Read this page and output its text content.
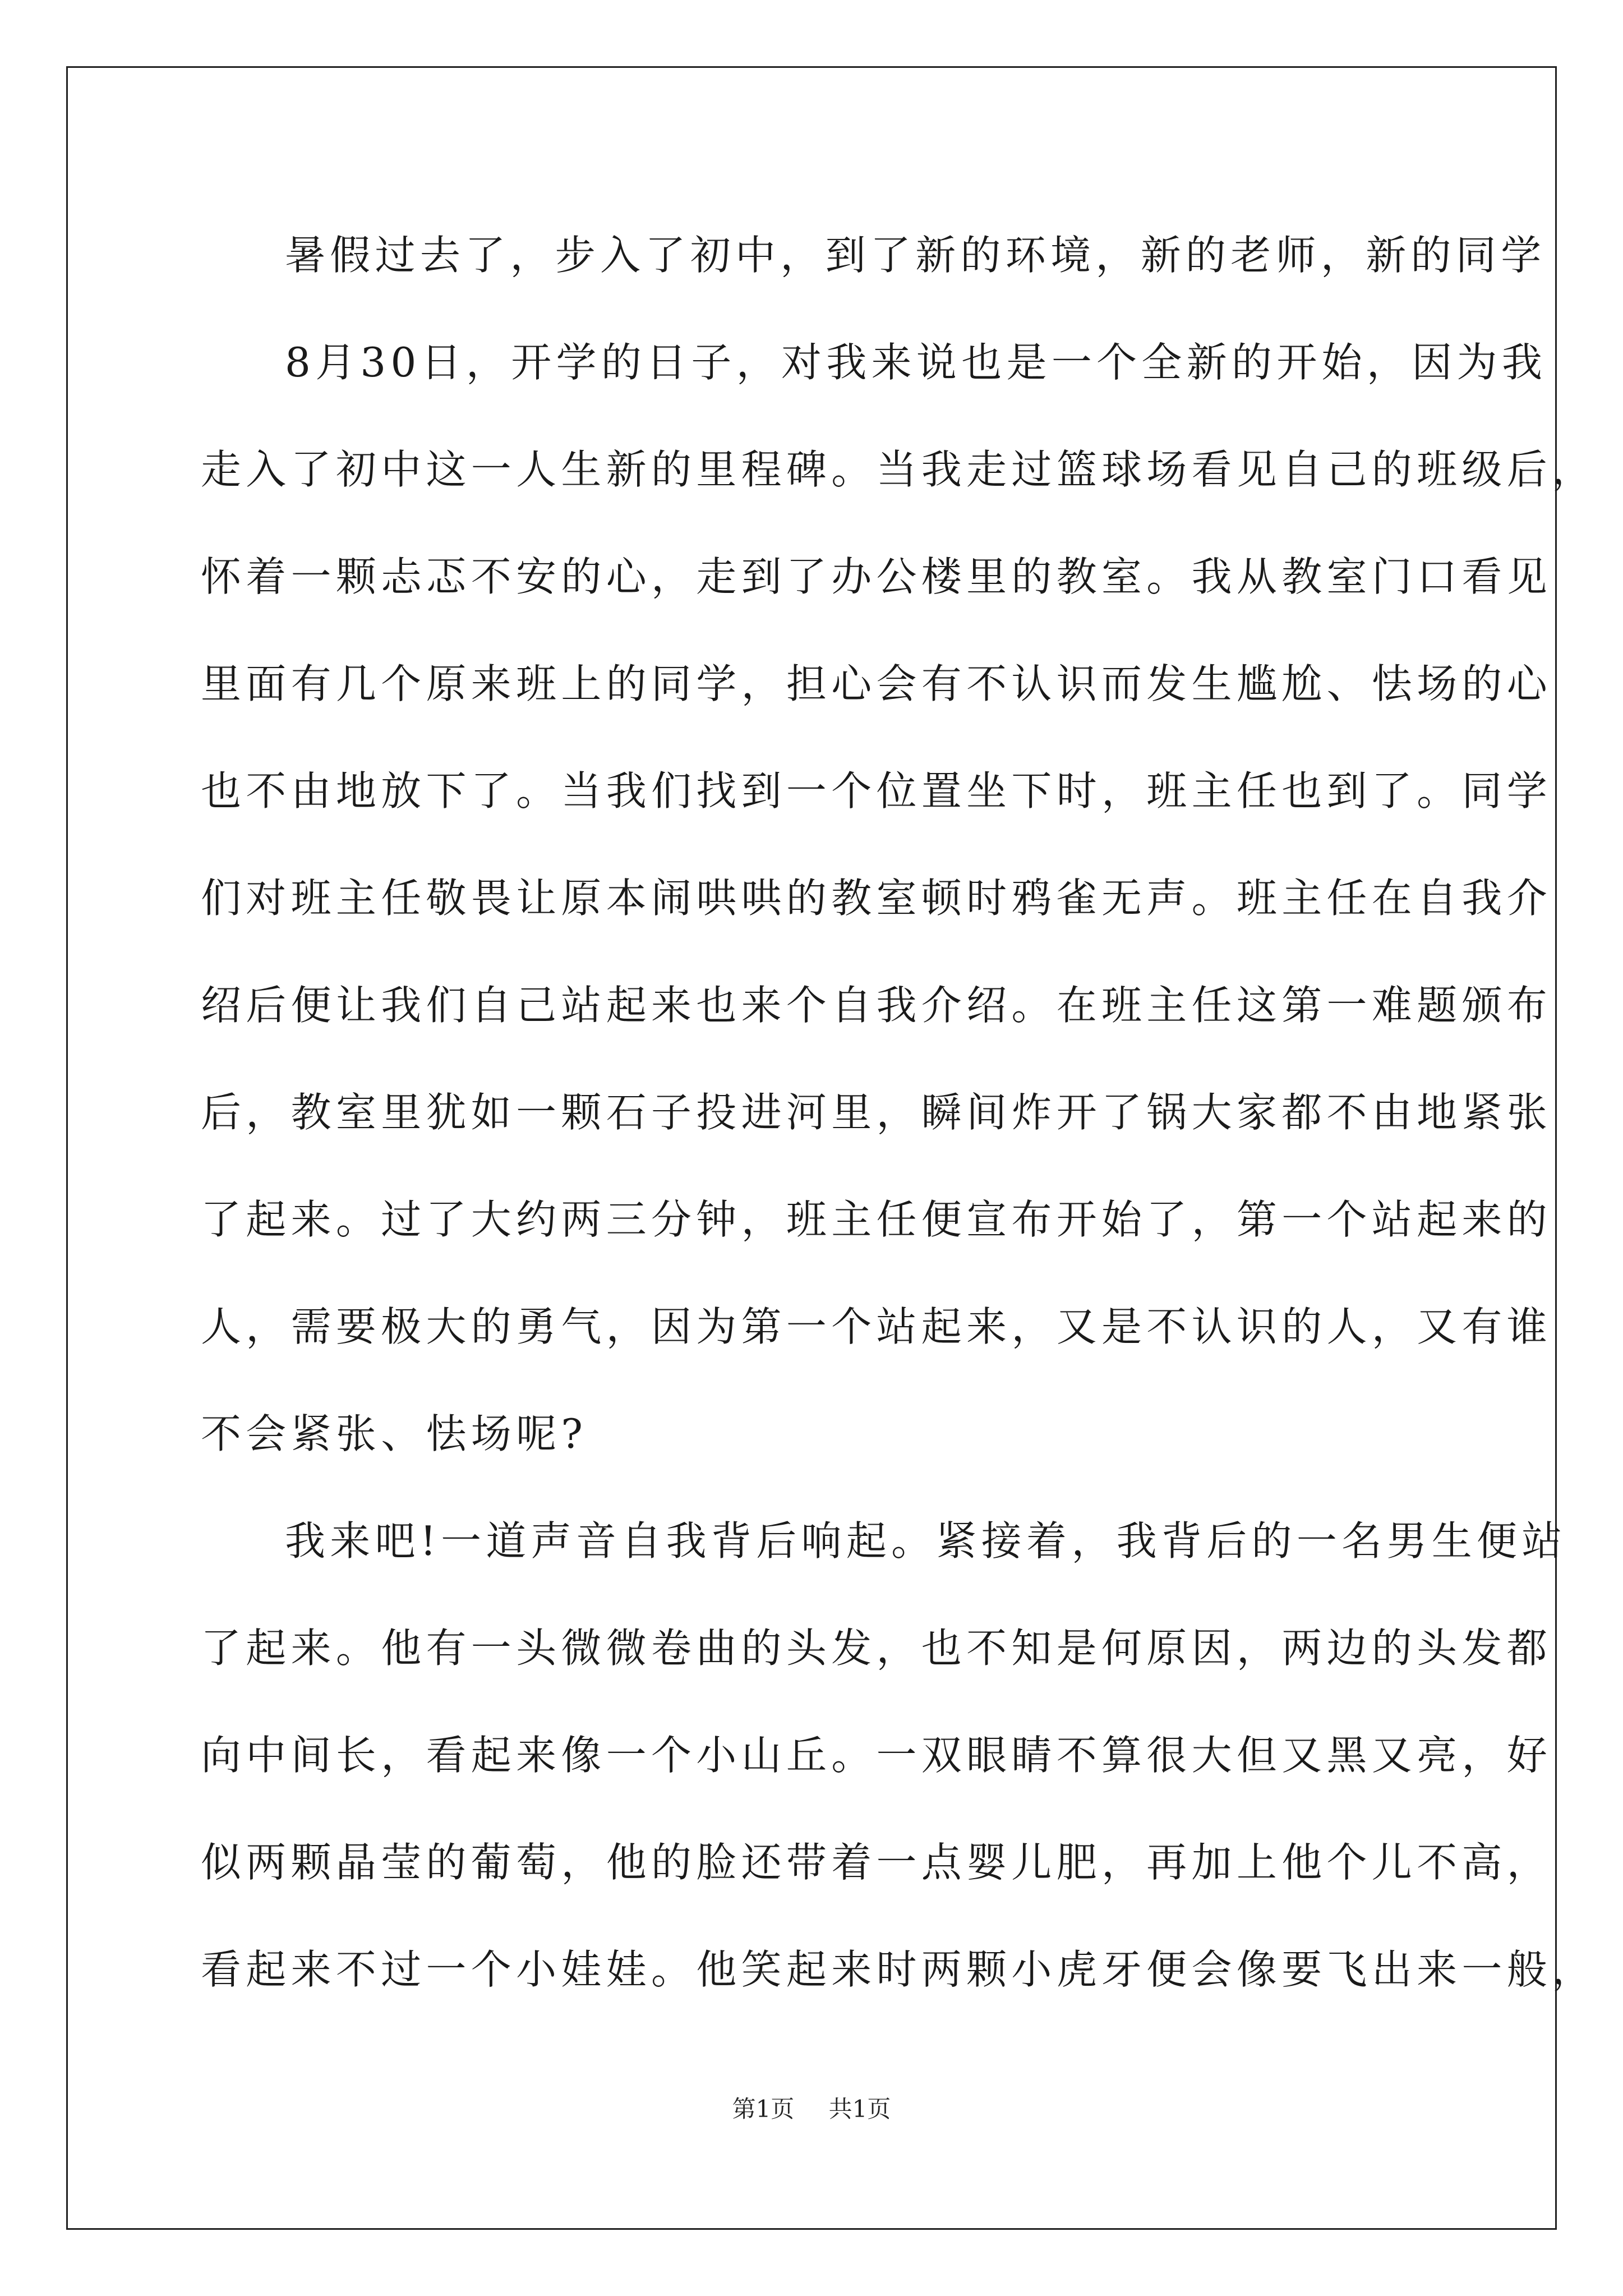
暑假过去了，步入了初中，到了新的环境，新的老师，新的同学
8月30日，开学的日子，对我来说也是一个全新的开始，因为我
走入了初中这一人生新的里程碑。当我走过篮球场看见自己的班级后，
怀着一颗忐忑不安的心，走到了办公楼里的教室。我从教室门口看见
里面有几个原来班上的同学，担心会有不认识而发生尴尬、怯场的心
也不由地放下了。当我们找到一个位置坐下时，班主任也到了。同学
们对班主任敬畏让原本闹哄哄的教室顿时鸦雀无声。班主任在自我介
绍后便让我们自己站起来也来个自我介绍。在班主任这第一难题颁布
后，教室里犹如一颗石子投进河里，瞬间炸开了锅大家都不由地紧张
了起来。过了大约两三分钟，班主任便宣布开始了，第一个站起来的
人，需要极大的勇气，因为第一个站起来，又是不认识的人，又有谁
不会紧张、怯场呢?
我来吧!一道声音自我背后响起。紧接着，我背后的一名男生便站
了起来。他有一头微微卷曲的头发，也不知是何原因，两边的头发都
向中间长，看起来像一个小山丘。一双眼睛不算很大但又黑又亮，好
似两颗晶莹的葡萄，他的脸还带着一点婴儿肥，再加上他个儿不高，
看起来不过一个小娃娃。他笑起来时两颗小虎牙便会像要飞出来一般，
第1页 共1页
